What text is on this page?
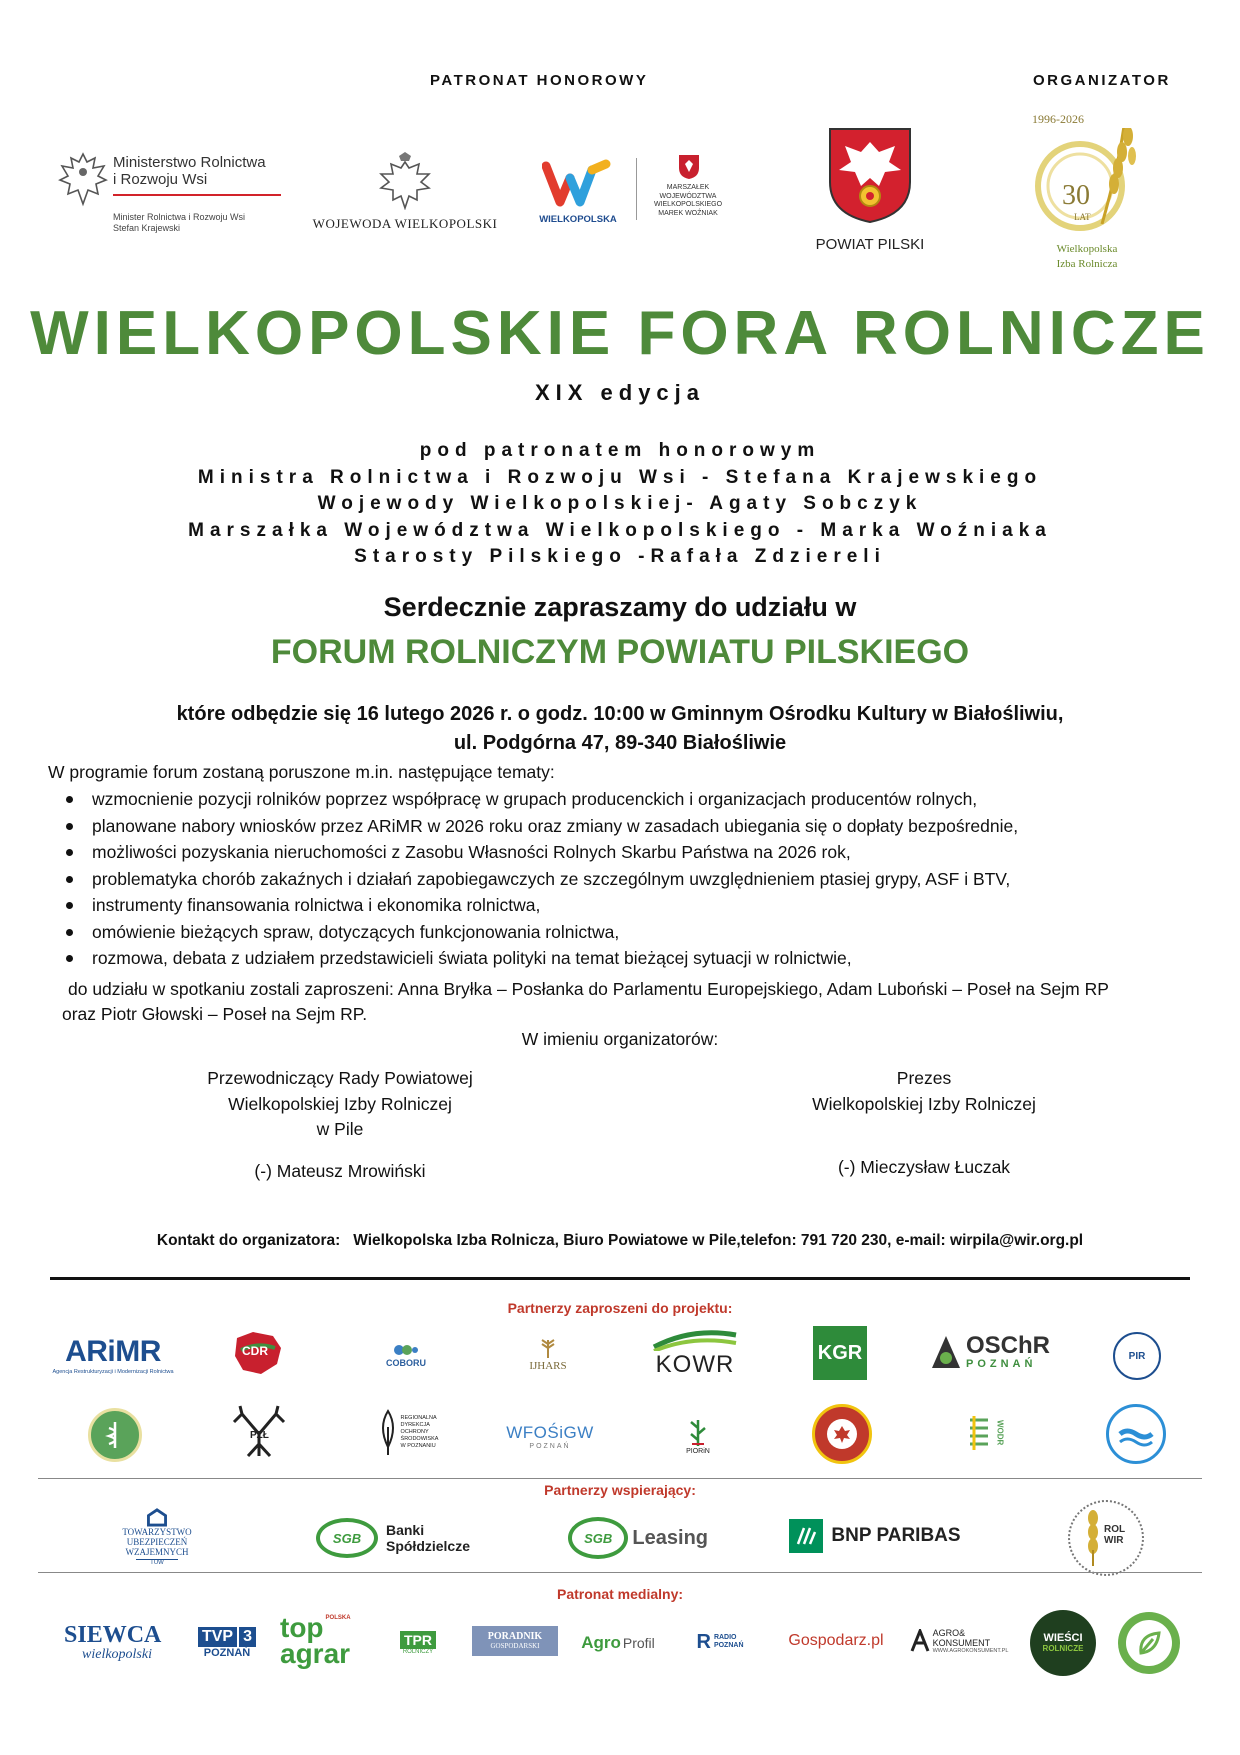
PATRONAT HONOROWY	ORGANIZATOR
Ministerstwo Rolnictwa
i Rozwoju Wsi
Minister Rolnictwa i Rozwoju Wsi
Stefan Krajewski	WOJEWODA WIELKOPOLSKI	WIELKOPOLSKA
MARSZAŁEK
WOJEWÓDZTWA
WIELKOPOLSKIEGO
MAREK WOŹNIAK
POWIAT PILSKI
1996-2026
30
LAT
Wielkopolska
Izba Rolnicza
WIELKOPOLSKIE FORA ROLNICZE
XIX edycja
pod patronatem honorowym
Ministra Rolnictwa i Rozwoju Wsi - Stefana Krajewskiego
Wojewody Wielkopolskiej- Agaty Sobczyk
Marszałka Województwa Wielkopolskiego - Marka Woźniaka
Starosty Pilskiego -Rafała Zdziereli
Serdecznie zapraszamy do udziału w
FORUM ROLNICZYM POWIATU PILSKIEGO
które odbędzie się 16 lutego 2026 r. o godz. 10:00 w Gminnym Ośrodku Kultury w Białośliwiu,
ul. Podgórna 47, 89-340 Białośliwie
W programie forum zostaną poruszone m.in. następujące tematy:
wzmocnienie pozycji rolników poprzez współpracę w grupach producenckich i organizacjach producentów rolnych,
planowane nabory wniosków przez ARiMR w 2026 roku oraz zmiany w zasadach ubiegania się o dopłaty bezpośrednie,
możliwości pozyskania nieruchomości z Zasobu Własności Rolnych Skarbu Państwa na 2026 rok,
problematyka chorób zakaźnych i działań zapobiegawczych ze szczególnym uwzględnieniem ptasiej grypy, ASF i BTV,
instrumenty finansowania rolnictwa i ekonomika rolnictwa,
omówienie bieżących spraw, dotyczących funkcjonowania rolnictwa,
rozmowa, debata z udziałem przedstawicieli świata polityki na temat bieżącej sytuacji w rolnictwie,
do udziału w spotkaniu zostali zaproszeni: Anna Bryłka – Posłanka do Parlamentu Europejskiego, Adam Luboński – Poseł na Sejm RP
oraz Piotr Głowski – Poseł na Sejm RP.
W imieniu organizatorów:
Przewodniczący Rady Powiatowej
Wielkopolskiej Izby Rolniczej
w Pile
(-) Mateusz Mrowiński
Prezes
Wielkopolskiej Izby Rolniczej
(-) Mieczysław Łuczak
Kontakt do organizatora: Wielkopolska Izba Rolnicza, Biuro Powiatowe w Pile,telefon: 791 720 230, e-mail: wirpila@wir.org.pl
Partnerzy zaproszeni do projektu:
ARiMR
Agencja Restrukturyzacji i Modernizacji Rolnictwa
CDR
COBORU	IJHARS	KOWR	KGR	OSChR
POZNAŃ
PIR
PZŁ
REGIONALNA
DYREKCJA
OCHRONY
ŚRODOWISKA
W POZNANIU
WFOŚiGW
POZNAŃ
PIORiN
WODR
Partnerzy wspierający:
TOWARZYSTWO
UBEZPIECZEŃ WZAJEMNYCH
TUW
SGB	Banki Spółdzielcze	SGB	Leasing	BNP PARIBAS	ROL
WIR
Patronat medialny:
SIEWCA
wielkopolski
TVP 3
POZNAŃ
top POLSKA
agrar	TPR
ROLNICZY
PORADNIK
GOSPODARSKI Agro Profil R RADIO
POZNAŃ	Gospodarz.pl	AGRO&
KONSUMENT
WWW.AGROKONSUMENT.PL
WIEŚCI
ROLNICZE
